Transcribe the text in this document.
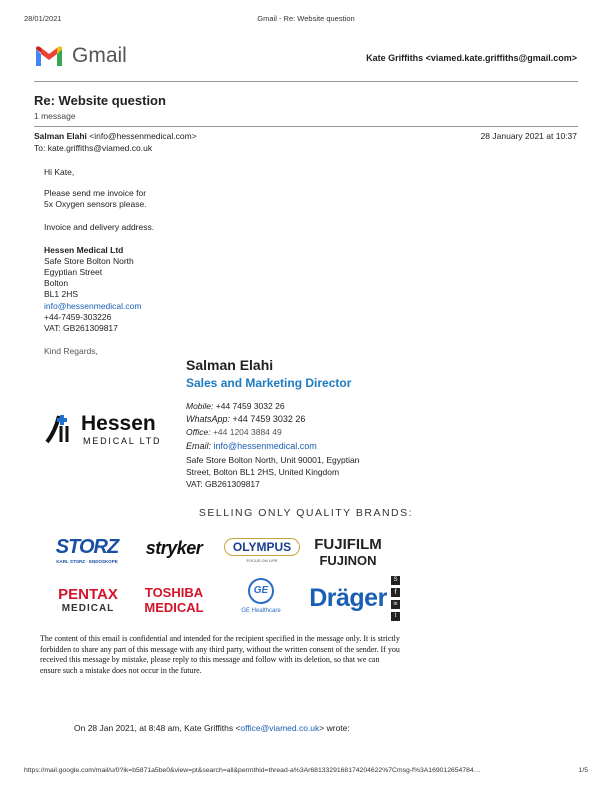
28/01/2021	Gmail - Re: Website question
Gmail	Kate Griffiths <viamed.kate.griffiths@gmail.com>
Re: Website question
1 message
Salman Elahi <info@hessenmedical.com>	28 January 2021 at 10:37
To: kate.griffiths@viamed.co.uk
Hi Kate,
Please send me invoice for
5x Oxygen sensors please.
Invoice and delivery address.
Hessen Medical Ltd
Safe Store Bolton North
Egyptian Street
Bolton
BL1 2HS
info@hessenmedical.com
+44-7459-303226
VAT: GB261309817
Kind Regards,
Salman Elahi
Sales and Marketing Director
Hessen
MEDICAL LTD
Mobile: +44 7459 3032 26
WhatsApp: +44 7459 3032 26
Office: +44 1204 3884 49
Email: info@hessenmedical.com
Safe Store Bolton North, Unit 90001, Egyptian
Street, Bolton BL1 2HS, United Kingdom
VAT: GB261309817
SELLING ONLY QUALITY BRANDS:
STORZ
KARL STORZ · ENDOSKOPE
stryker	OLYMPUS
FOCUS ON LIFE
FUJIFILM
FUJINON
PENTAX
MEDICAL
TOSHIBA
MEDICAL
GE
GE Healthcare	Dräger
S
f
in
t
The content of this email is confidential and intended for the recipient specified in the message only. It is strictly forbidden to share any part of this message with any third party, without the written consent of the sender. If you received this message by mistake, please reply to this message and follow with its deletion, so that we can ensure such a mistake does not occur in the future.
On 28 Jan 2021, at 8:48 am, Kate Griffiths <office@viamed.co.uk> wrote:
https://mail.google.com/mail/u/0?ik=b5871a5be0&view=pt&search=all&permthid=thread-a%3Ar6813329168174204622%7Cmsg-f%3A169012654784…	1/5
